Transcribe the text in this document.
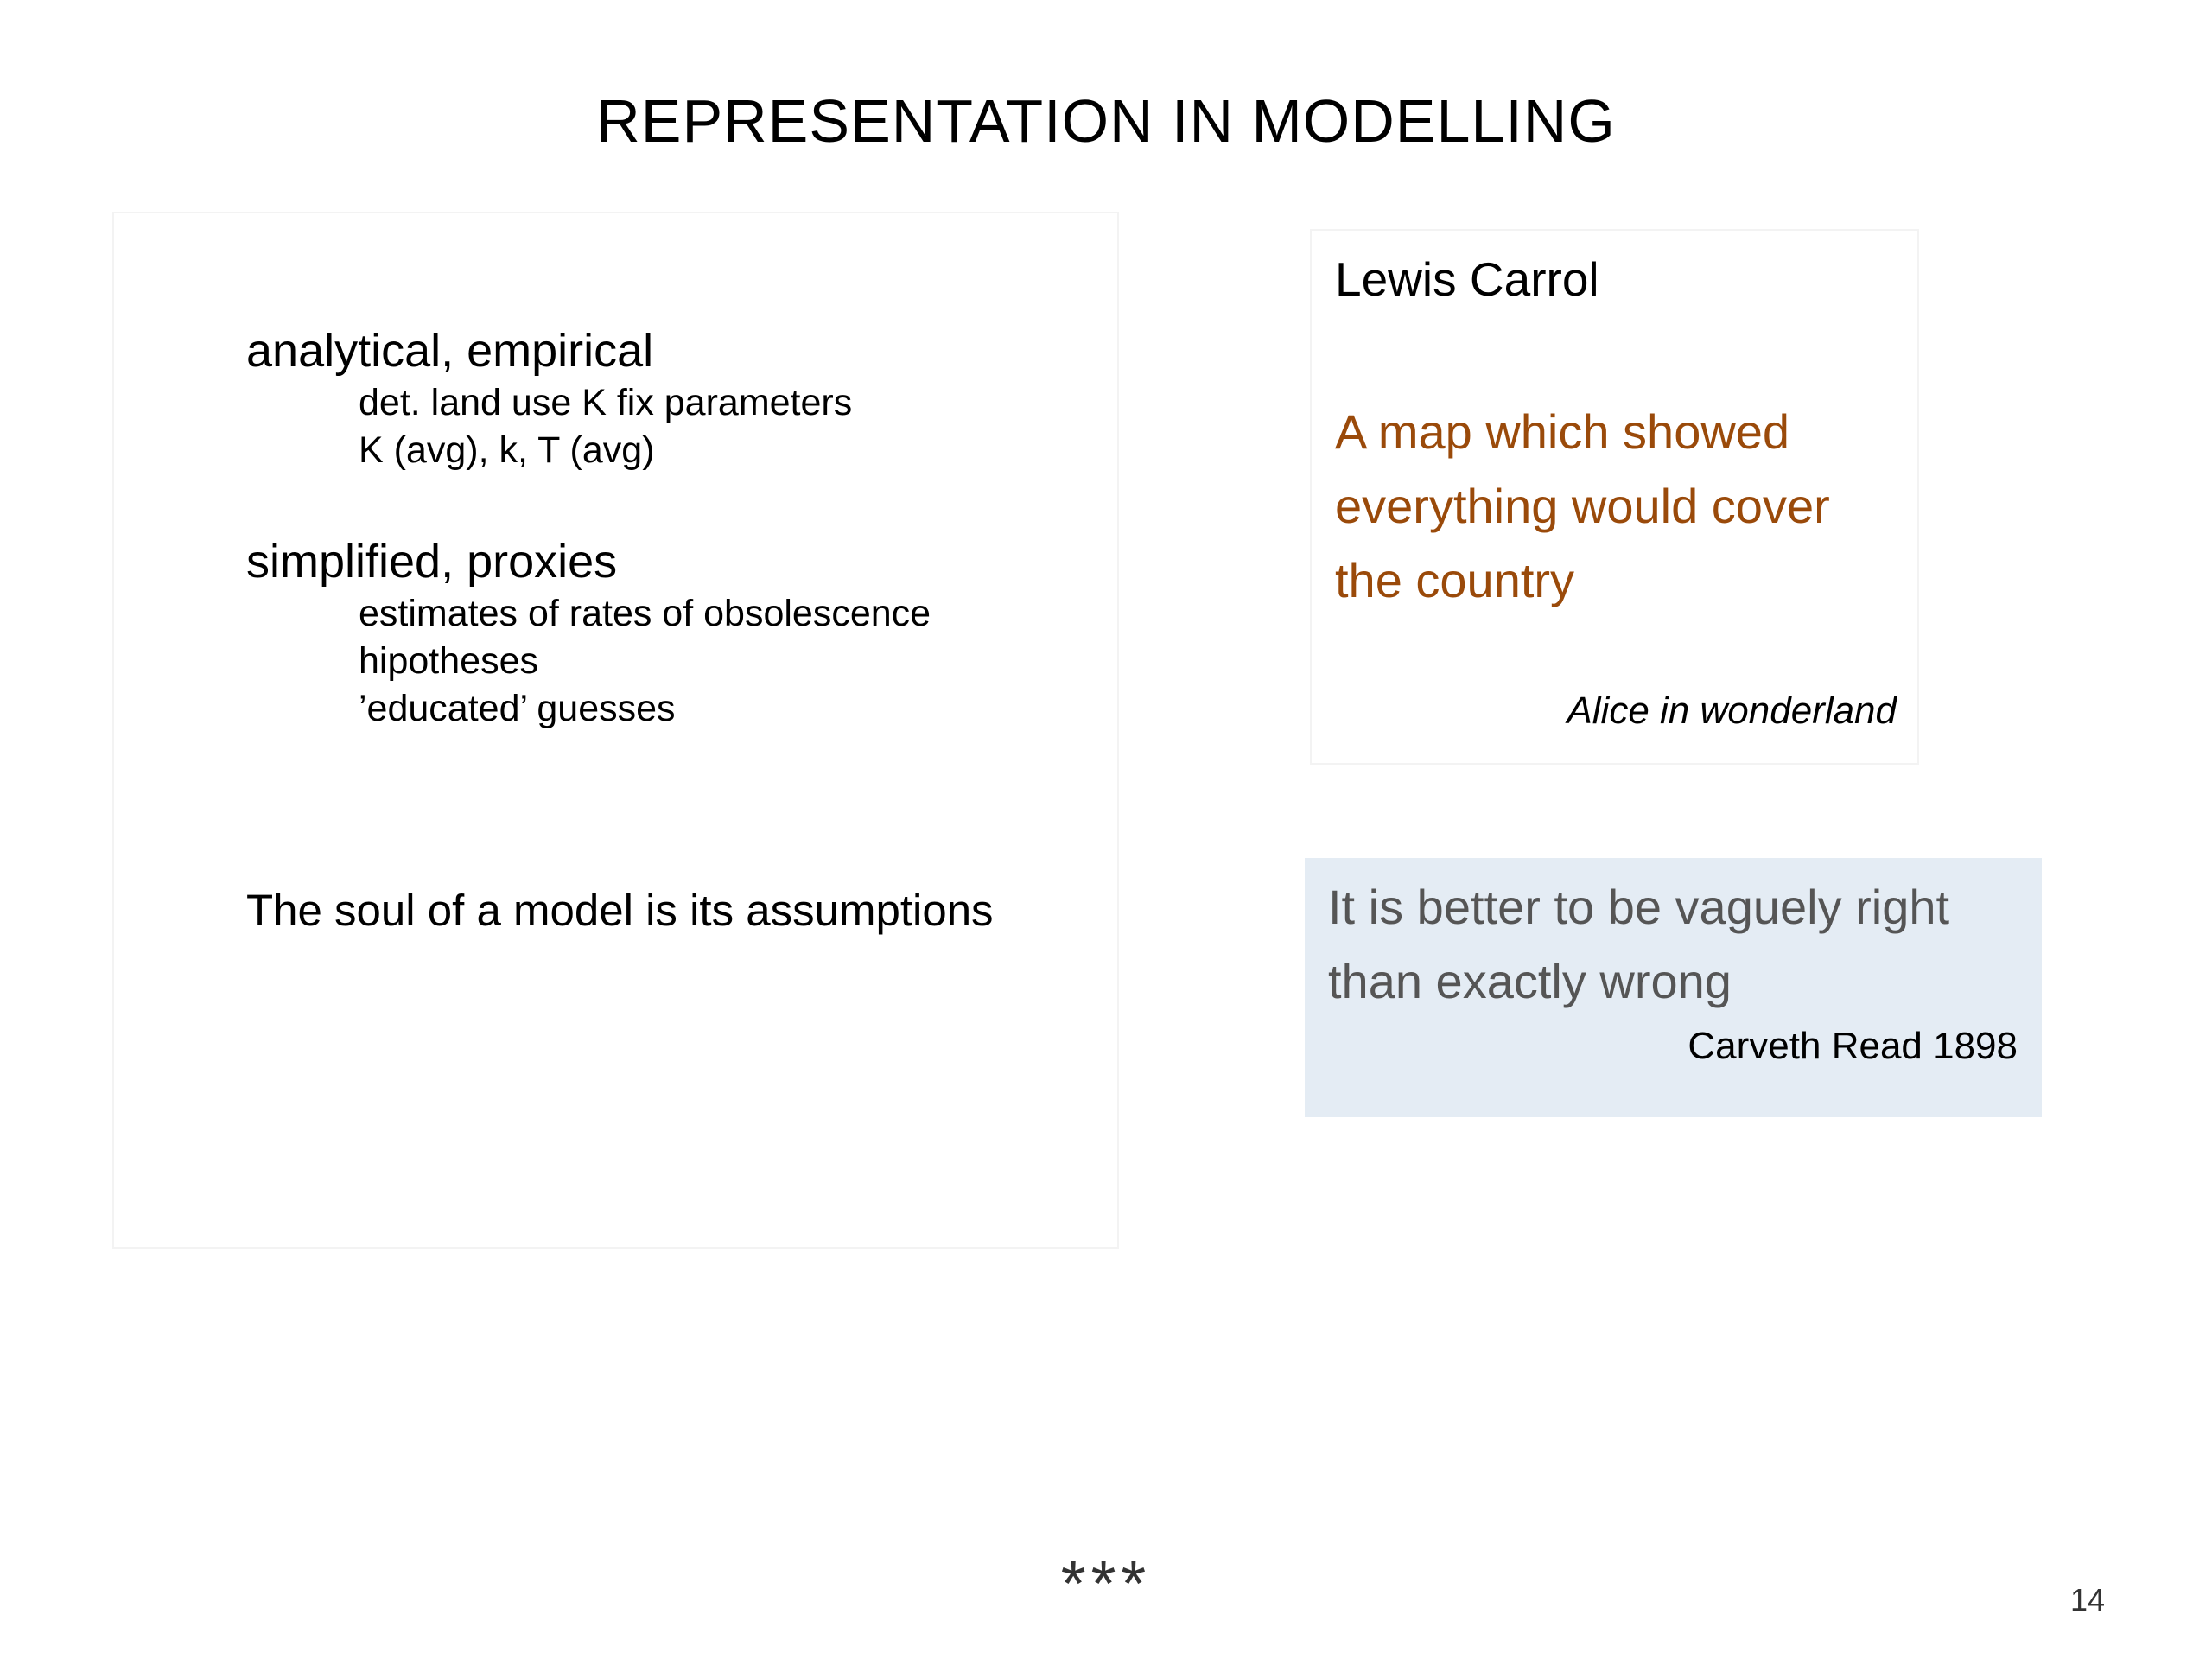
REPRESENTATION IN MODELLING
analytical, empirical
det. land use K fix parameters
K (avg), k, T (avg)
simplified, proxies
estimates of rates of obsolescence
hipotheses
’educated’ guesses
The soul of a model is its assumptions
Lewis Carrol
A map which showed everything would cover the country
Alice in wonderland
It is better to be vaguely right than exactly wrong
Carveth Read 1898
***	14
